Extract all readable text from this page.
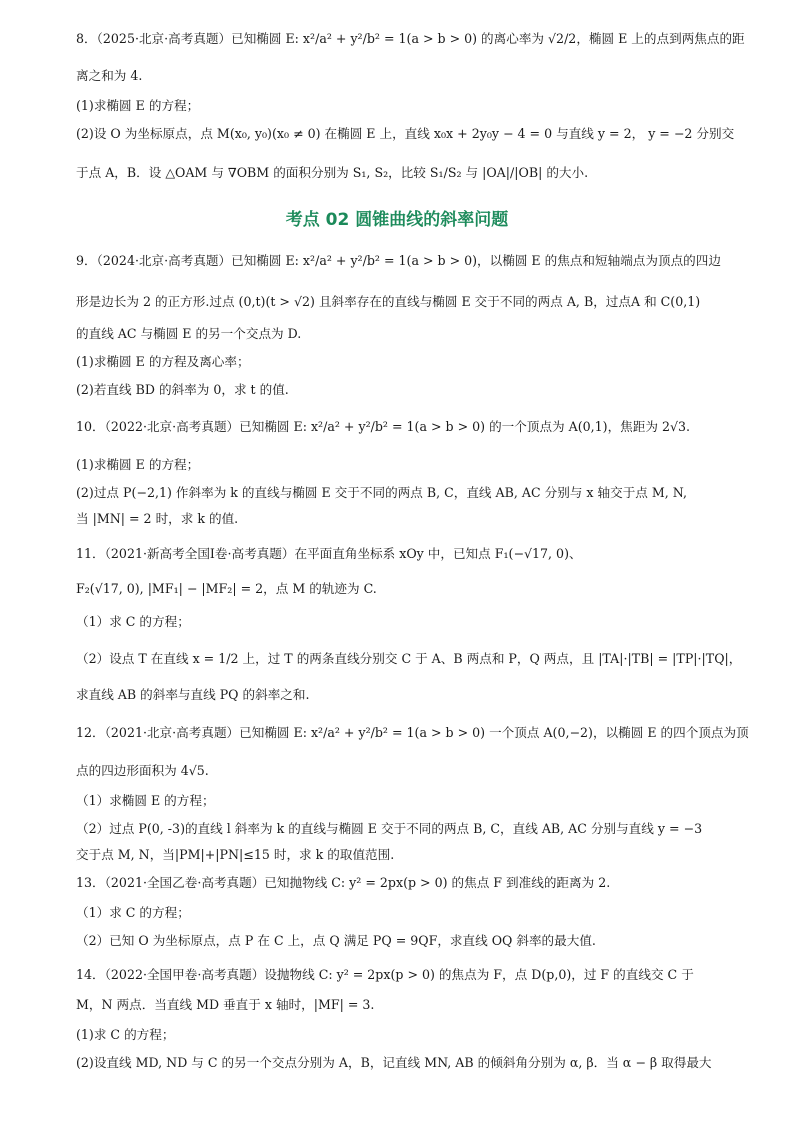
考点 02 圆锥曲线的斜率问题
8．（2025·北京·高考真题）已知椭圆 E: x²/a² + y²/b² = 1(a > b > 0) 的离心率为 √2/2，椭圆 E 上的点到两焦点的距
离之和为 4.
(1)求椭圆 E 的方程；
(2)设 O 为坐标原点，点 M(x₀, y₀)(x₀ ≠ 0) 在椭圆 E 上，直线 x₀x + 2y₀y − 4 = 0 与直线 y = 2， y = −2 分别交
于点 A，B．设 △OAM 与 ∇OBM 的面积分别为 S₁, S₂，比较 S₁/S₂ 与 |OA|/|OB| 的大小.
9．（2024·北京·高考真题）已知椭圆 E: x²/a² + y²/b² = 1(a > b > 0)，以椭圆 E 的焦点和短轴端点为顶点的四边
形是边长为 2 的正方形.过点 (0,t)(t > √2) 且斜率存在的直线与椭圆 E 交于不同的两点 A, B，过点A 和 C(0,1)
的直线 AC 与椭圆 E 的另一个交点为 D.
(1)求椭圆 E 的方程及离心率；
(2)若直线 BD 的斜率为 0，求 t 的值.
10．（2022·北京·高考真题）已知椭圆 E: x²/a² + y²/b² = 1(a > b > 0) 的一个顶点为 A(0,1)，焦距为 2√3.
(1)求椭圆 E 的方程；
(2)过点 P(−2,1) 作斜率为 k 的直线与椭圆 E 交于不同的两点 B, C，直线 AB, AC 分别与 x 轴交于点 M, N,
当 |MN| = 2 时，求 k 的值.
11．（2021·新高考全国Ⅰ卷·高考真题）在平面直角坐标系 xOy 中，已知点 F₁(−√17, 0)、
F₂(√17, 0), |MF₁| − |MF₂| = 2，点 M 的轨迹为 C.
（1）求 C 的方程；
（2）设点 T 在直线 x = 1/2 上，过 T 的两条直线分别交 C 于 A、B 两点和 P，Q 两点，且 |TA|·|TB| = |TP|·|TQ|，
求直线 AB 的斜率与直线 PQ 的斜率之和.
12．（2021·北京·高考真题）已知椭圆 E: x²/a² + y²/b² = 1(a > b > 0) 一个顶点 A(0,−2)，以椭圆 E 的四个顶点为顶
点的四边形面积为 4√5.
（1）求椭圆 E 的方程；
（2）过点 P(0, -3)的直线 l 斜率为 k 的直线与椭圆 E 交于不同的两点 B, C，直线 AB, AC 分别与直线 y = −3
交于点 M, N，当|PM|+|PN|≤15 时，求 k 的取值范围.
13．（2021·全国乙卷·高考真题）已知抛物线 C: y² = 2px(p > 0) 的焦点 F 到准线的距离为 2.
（1）求 C 的方程；
（2）已知 O 为坐标原点，点 P 在 C 上，点 Q 满足 PQ = 9QF，求直线 OQ 斜率的最大值.
14．（2022·全国甲卷·高考真题）设抛物线 C: y² = 2px(p > 0) 的焦点为 F，点 D(p,0)，过 F 的直线交 C 于
M，N 两点．当直线 MD 垂直于 x 轴时，|MF| = 3.
(1)求 C 的方程；
(2)设直线 MD, ND 与 C 的另一个交点分别为 A，B，记直线 MN, AB 的倾斜角分别为 α, β．当 α − β 取得最大
